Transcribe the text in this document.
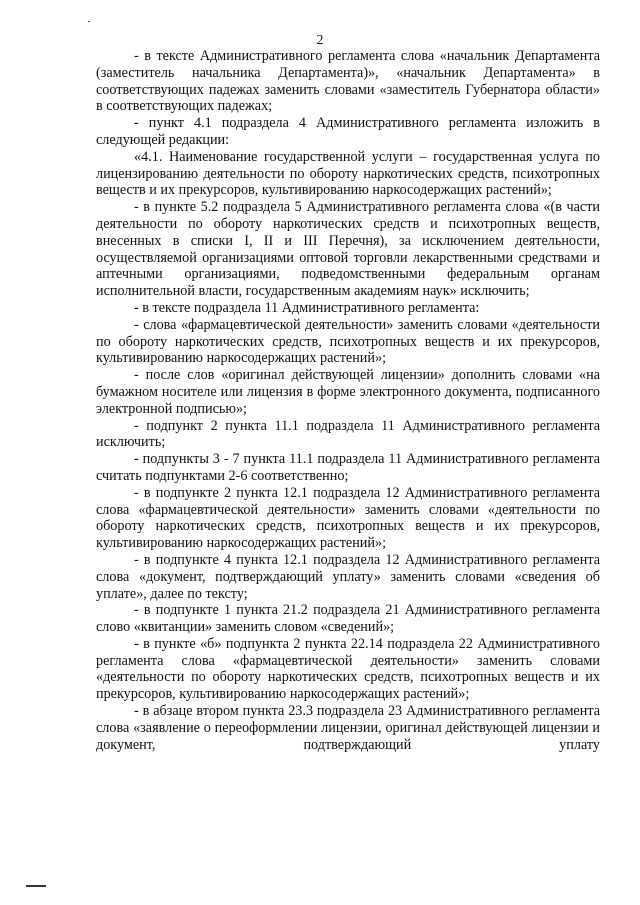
2

- в тексте Административного регламента слова «начальник Департамента (заместитель начальника Департамента)», «начальник Департамента» в соответствующих падежах заменить словами «заместитель Губернатора области» в соответствующих падежах;

- пункт 4.1 подраздела 4 Административного регламента изложить в следующей редакции:

«4.1. Наименование государственной услуги – государственная услуга по лицензированию деятельности по обороту наркотических средств, психотропных веществ и их прекурсоров, культивированию наркосодержащих растений»;

- в пункте 5.2 подраздела 5 Административного регламента слова «(в части деятельности по обороту наркотических средств и психотропных веществ, внесенных в списки I, II и III Перечня), за исключением деятельности, осуществляемой организациями оптовой торговли лекарственными средствами и аптечными организациями, подведомственными федеральным органам исполнительной власти, государственным академиям наук» исключить;

- в тексте подраздела 11 Административного регламента:

- слова «фармацевтической деятельности» заменить словами «деятельности по обороту наркотических средств, психотропных веществ и их прекурсоров, культивированию наркосодержащих растений»;

- после слов «оригинал действующей лицензии» дополнить словами «на бумажном носителе или лицензия в форме электронного документа, подписанного электронной подписью»;

- подпункт 2 пункта 11.1 подраздела 11 Административного регламента исключить;

- подпункты 3 - 7 пункта 11.1 подраздела 11 Административного регламента считать подпунктами 2-6 соответственно;

- в подпункте 2 пункта 12.1 подраздела 12 Административного регламента слова «фармацевтической деятельности» заменить словами «деятельности по обороту наркотических средств, психотропных веществ и их прекурсоров, культивированию наркосодержащих растений»;

- в подпункте 4 пункта 12.1 подраздела 12 Административного регламента слова «документ, подтверждающий уплату» заменить словами «сведения об уплате», далее по тексту;

- в подпункте 1 пункта 21.2 подраздела 21 Административного регламента слово «квитанции» заменить словом «сведений»;

- в пункте «б» подпункта 2 пункта 22.14 подраздела 22 Административного регламента слова «фармацевтической деятельности» заменить словами «деятельности по обороту наркотических средств, психотропных веществ и их прекурсоров, культивированию наркосодержащих растений»;

- в абзаце втором пункта 23.3 подраздела 23 Административного регламента слова «заявление о переоформлении лицензии, оригинал действующей лицензии и документ, подтверждающий уплату
